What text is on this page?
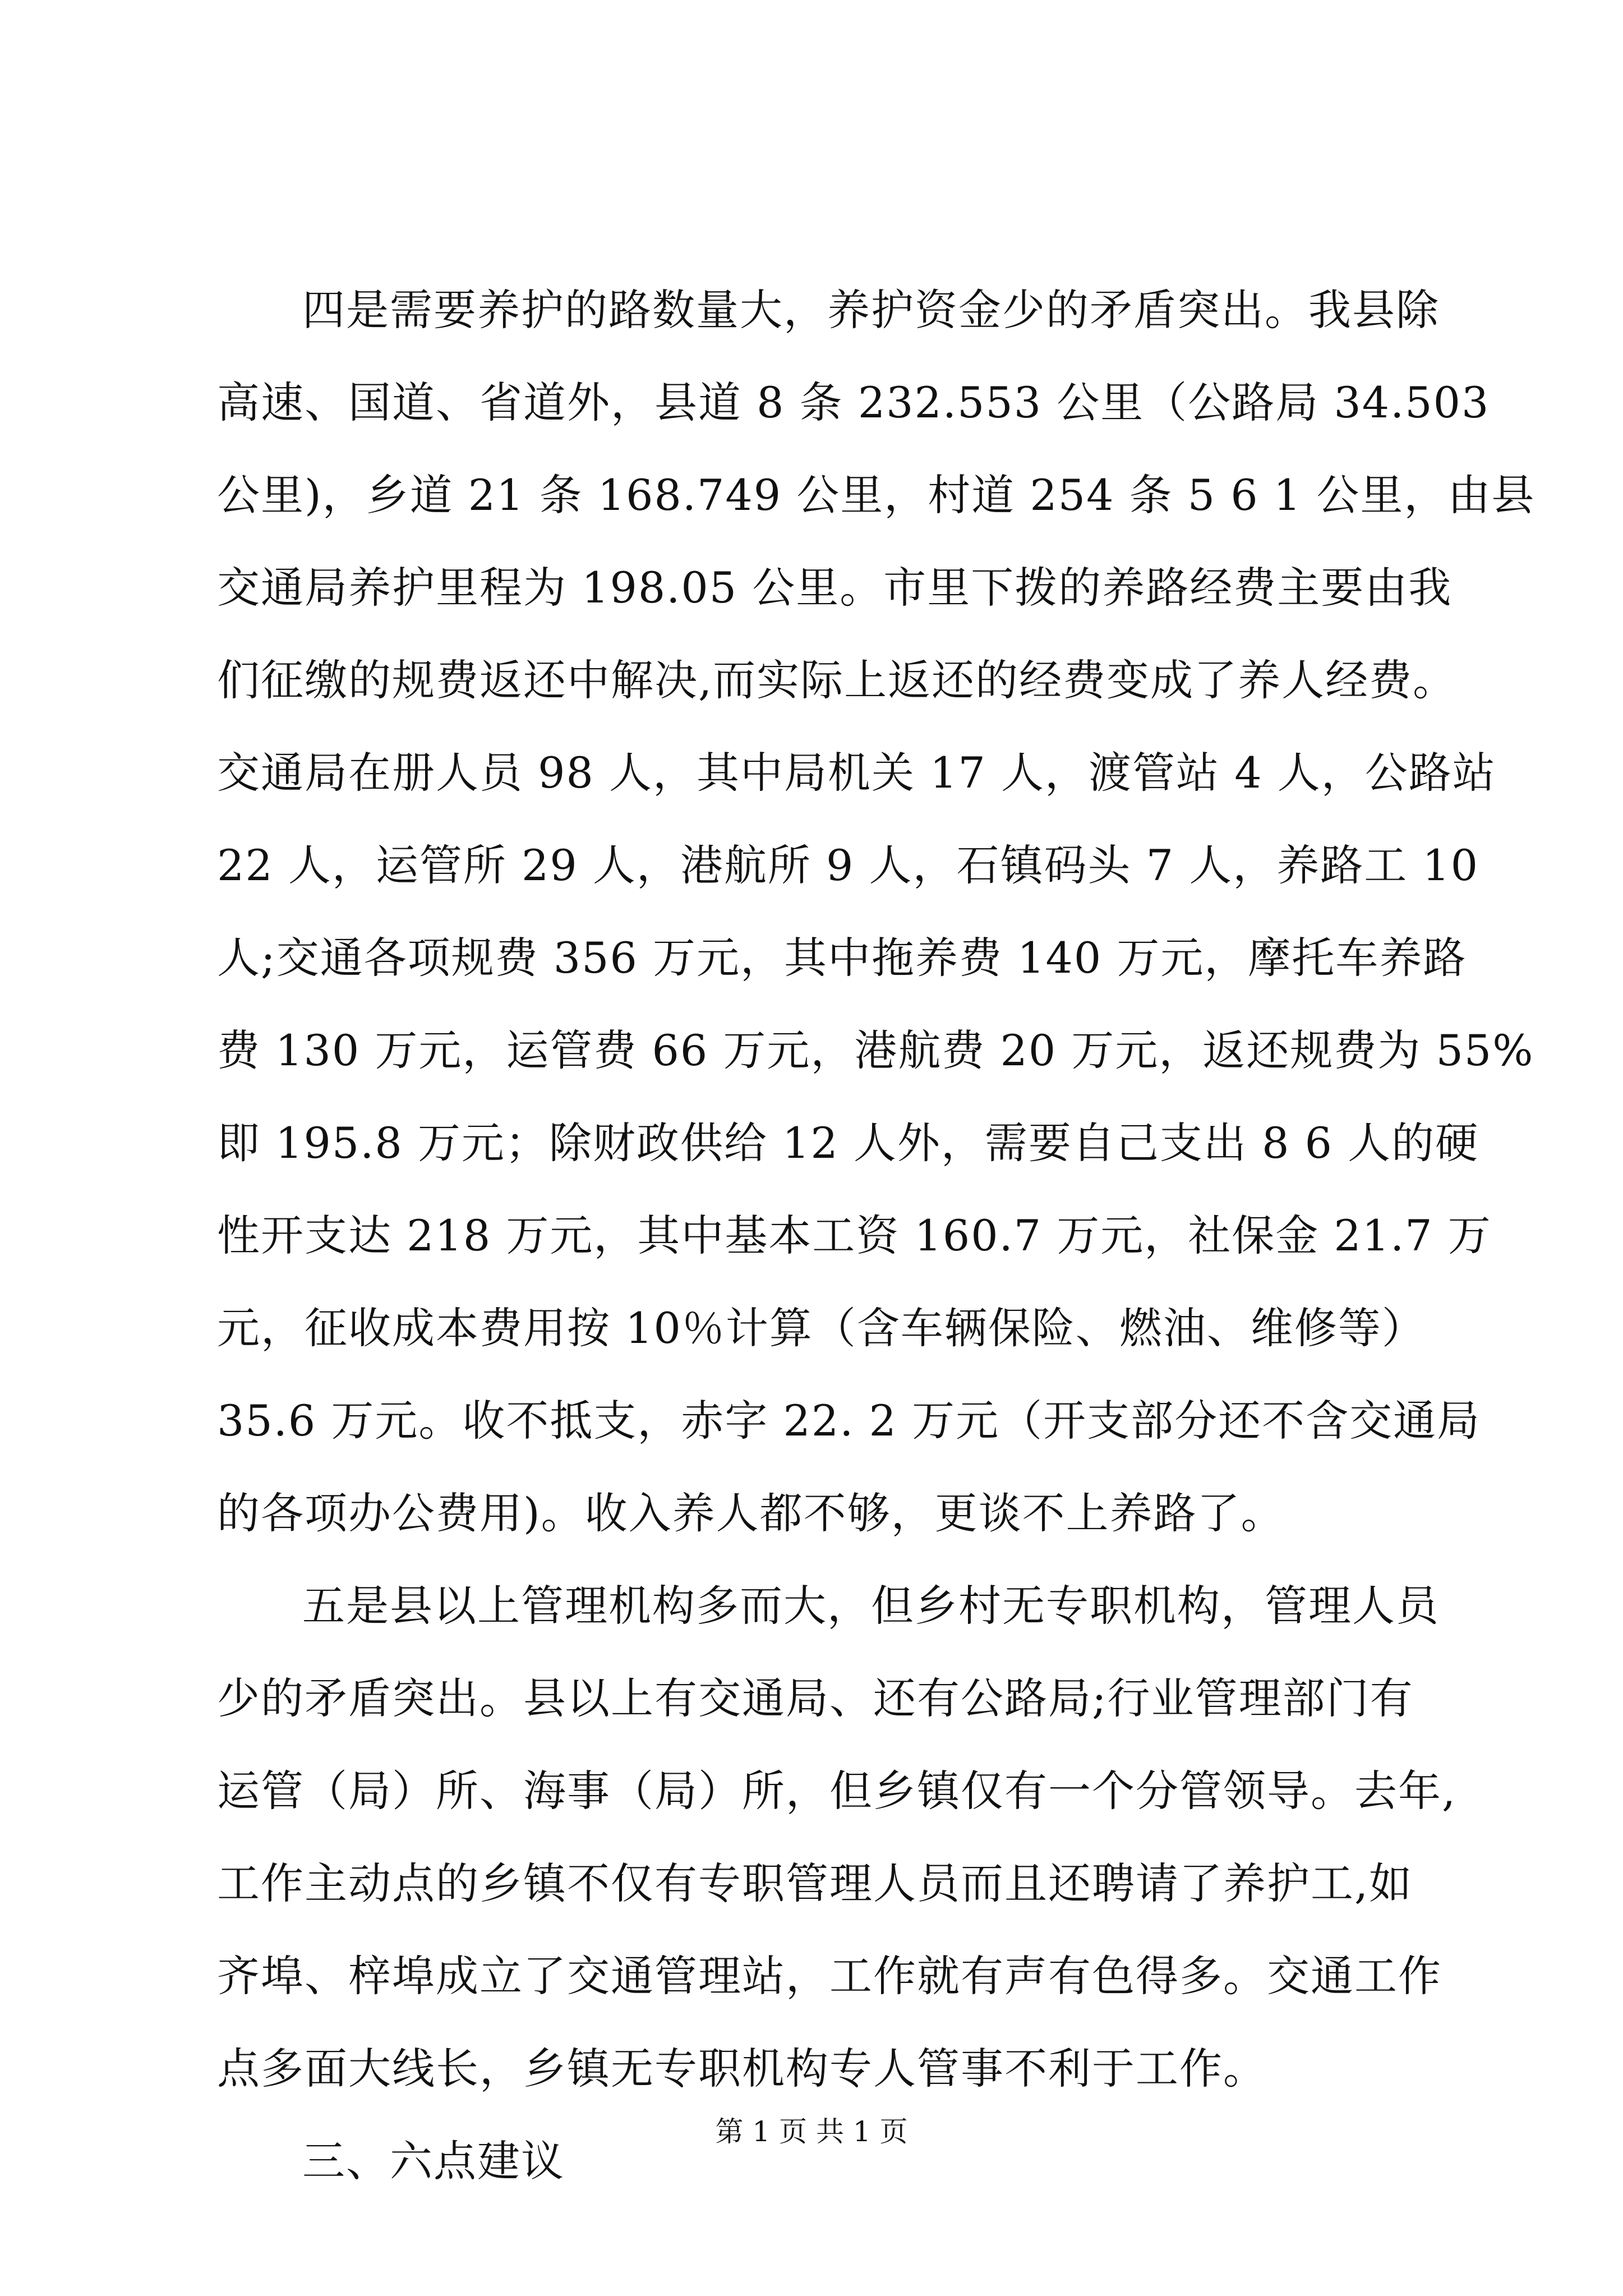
四是需要养护的路数量大，养护资金少的矛盾突出。我县除
高速、国道、省道外，县道 8 条 232.553 公里（公路局 34.503
公里)，乡道 21 条 168.749 公里，村道 254 条 5 6 1 公里，由县
交通局养护里程为 198.05 公里。市里下拨的养路经费主要由我
们征缴的规费返还中解决,而实际上返还的经费变成了养人经费。
交通局在册人员 98 人，其中局机关 17 人，渡管站 4 人，公路站
22 人，运管所 29 人，港航所 9 人，石镇码头 7 人，养路工 10
人;交通各项规费 356 万元，其中拖养费 140 万元，摩托车养路
费 130 万元，运管费 66 万元，港航费 20 万元，返还规费为 55%
即 195.8 万元；除财政供给 12 人外，需要自己支出 8 6 人的硬
性开支达 218 万元，其中基本工资 160.7 万元，社保金 21.7 万
元，征收成本费用按 10％计算（含车辆保险、燃油、维修等）
35.6 万元。收不抵支，赤字 22. 2 万元（开支部分还不含交通局
的各项办公费用)。收入养人都不够，更谈不上养路了。
五是县以上管理机构多而大，但乡村无专职机构，管理人员
少的矛盾突出。县以上有交通局、还有公路局;行业管理部门有
运管（局）所、海事（局）所，但乡镇仅有一个分管领导。去年,
工作主动点的乡镇不仅有专职管理人员而且还聘请了养护工,如
齐埠、梓埠成立了交通管理站，工作就有声有色得多。交通工作
点多面大线长，乡镇无专职机构专人管事不利于工作。
三、六点建议
第 1 页 共 1 页
